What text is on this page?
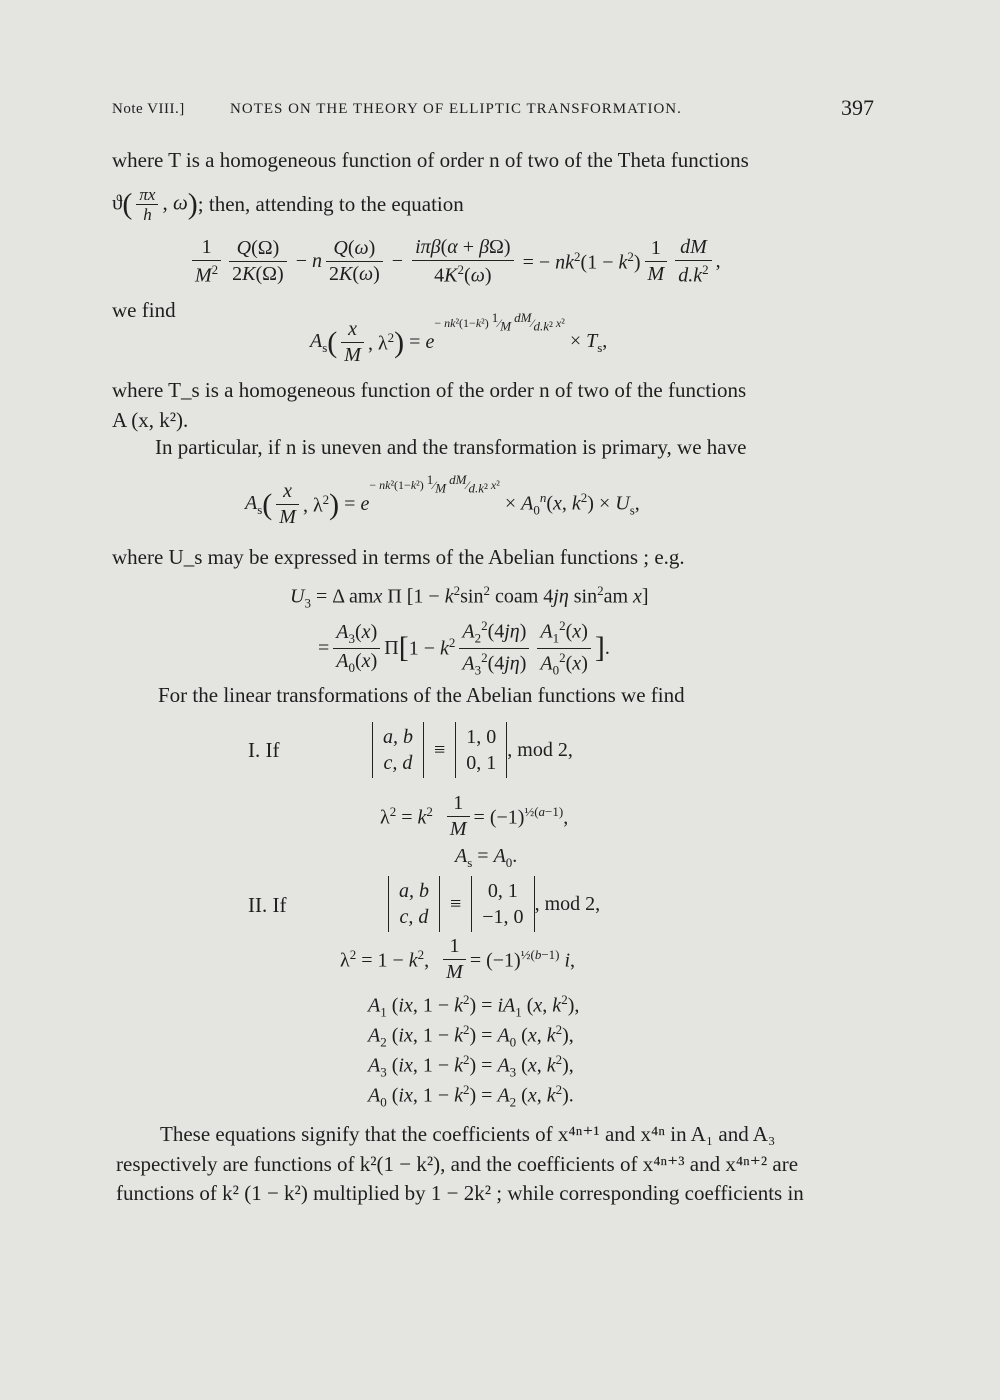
Note VIII.]	NOTES ON THE THEORY OF ELLIPTIC TRANSFORMATION.	397
where T is a homogeneous function of order n of two of the Theta functions
$ϑ( \frac{\pi x}{h}$ , ω) ; then, attending to the equation
$\frac{1}{M^2} \frac{Q(\Omega)}{2K(\Omega)} - n \frac{Q(\omega)}{2K(\omega)} - \frac{\text{iπβ(α + βΩ)}}{4K^2(\omega)}$ = − $nk^2(1 - k^2) \frac{1}{M} \frac{dM}{d.k^2}$ ,
we find
$A_s$ ( $\frac{x}{M}$ , $\lambda^2$ ) = e
− nk²(1−k²) $^1⁄_M$ $^{dM}⁄_{d.k^2}$ x²
× $T_s$,
where T_s is a homogeneous function of the order n of two of the functions
A (x, k²).
In particular, if n is uneven and the transformation is primary, we have
$A_s$ ( $\frac{x}{M}$ , $\lambda^2$ ) = e
− nk²(1−k²) $^1⁄_M$ $^{dM}⁄_{d.k^2}$ x²
× $A_0^n(x$, $k^2) \times U_s$,
where U_s may be expressed in terms of the Abelian functions ; e.g.
$U_3 = \Delta$ amx Π [$1 - k^2\sin^2$ coam 4jη $\sin^2am$ x]
= $\frac{A_3(x)}{A_0(x)}$ Π [ $1 - k^2 \frac{A_2^2(4j\eta)}{A_3^2(4j\eta)} \frac{A_1^2(x)}{A_0^2(x)}$ ] .
For the linear transformations of the Abelian functions we find
I. If
a, b
c, d
≡
1, 0
0, 1
, mod 2,
$\lambda^2 = k^2 \frac{1}{M} = (-1)^{\frac{1}{2}(a-1)}$,
$A_s = A_0$.
II. If
a, b
c, d
≡
0, 1
−1, 0
, mod 2,
$\lambda^2 = 1 - k^2$, $\frac{1}{M} = (-1)^{\frac{1}{2}(b-1)}$ i,
$A_1$ (ix, $1 - k^2) = iA_1$ (x, $k^2$),
$A_2$ (ix, $1 - k^2) = A_0$ (x, $k^2$),
$A_3$ (ix, $1 - k^2) = A_3$ (x, $k^2$),
$A_0$ (ix, $1 - k^2) = A_2$ (x, $k^2$).
These equations signify that the coefficients of x⁴ⁿ⁺¹ and x⁴ⁿ in A₁ and A₃
respectively are functions of k²(1 − k²), and the coefficients of x⁴ⁿ⁺³ and x⁴ⁿ⁺² are
functions of k² (1 − k²) multiplied by 1 − 2k² ; while corresponding coefficients in
